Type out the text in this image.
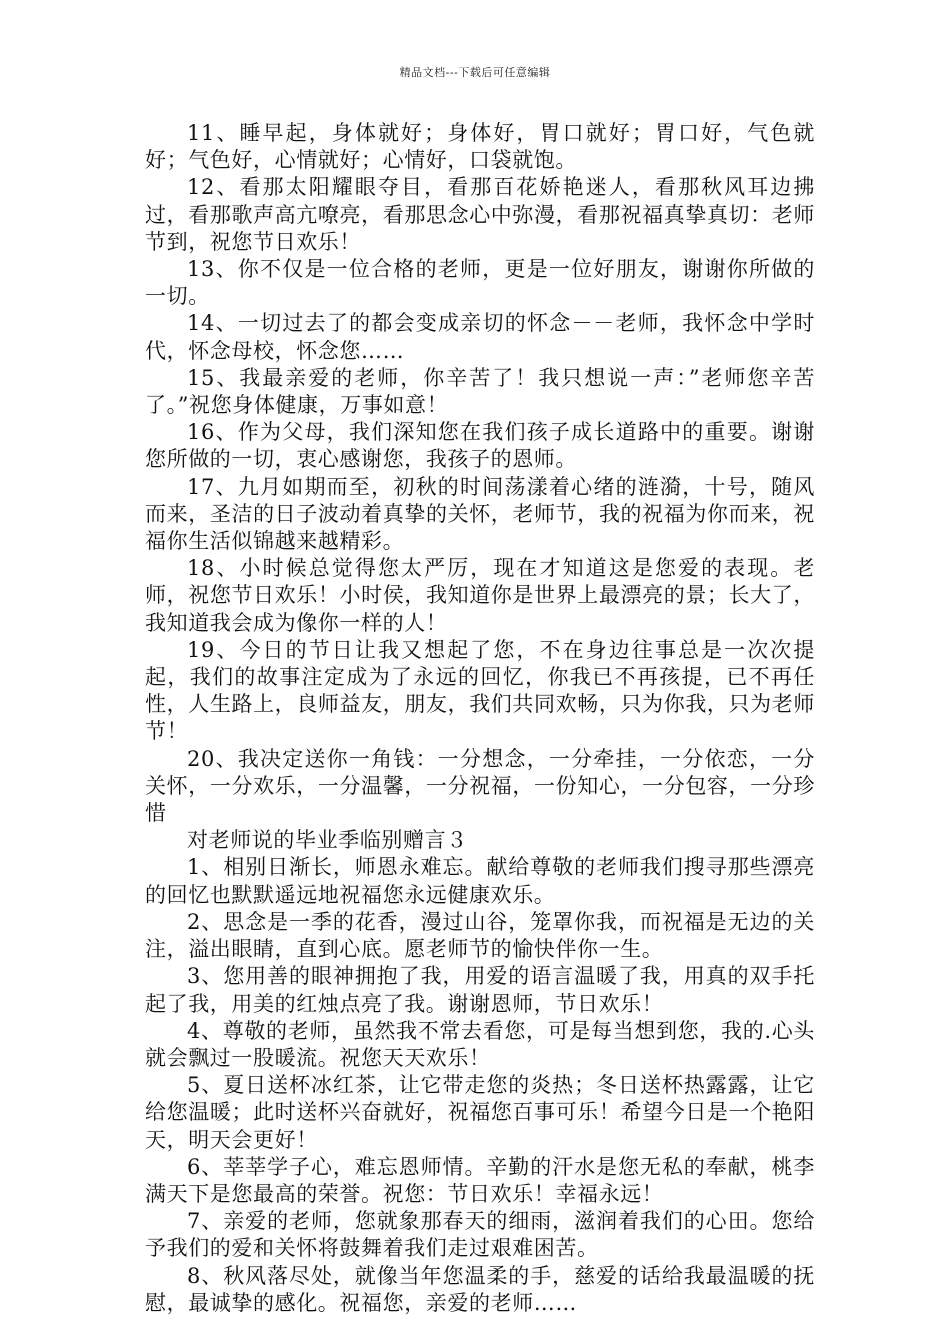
精品文档---下载后可任意编辑

11、睡早起，身体就好；身体好，胃口就好；胃口好，气色就好；气色好，心情就好；心情好，口袋就饱。

12、看那太阳耀眼夺目，看那百花娇艳迷人，看那秋风耳边拂过，看那歌声高亢嘹亮，看那思念心中弥漫，看那祝福真挚真切：老师节到，祝您节日欢乐！

13、你不仅是一位合格的老师，更是一位好朋友，谢谢你所做的一切。

14、一切过去了的都会变成亲切的怀念－－老师，我怀念中学时代，怀念母校，怀念您……

15、我最亲爱的老师，你辛苦了！我只想说一声：”老师您辛苦了。”祝您身体健康，万事如意！

16、作为父母，我们深知您在我们孩子成长道路中的重要。谢谢您所做的一切，衷心感谢您，我孩子的恩师。

17、九月如期而至，初秋的时间荡漾着心绪的涟漪，十号，随风而来，圣洁的日子波动着真挚的关怀，老师节，我的祝福为你而来，祝福你生活似锦越来越精彩。

18、小时候总觉得您太严厉，现在才知道这是您爱的表现。老师，祝您节日欢乐！小时侯，我知道你是世界上最漂亮的景；长大了，我知道我会成为像你一样的人！

19、今日的节日让我又想起了您，不在身边往事总是一次次提起，我们的故事注定成为了永远的回忆，你我已不再孩提，已不再任性，人生路上，良师益友，朋友，我们共同欢畅，只为你我，只为老师节！

20、我决定送你一角钱：一分想念，一分牵挂，一分依恋，一分关怀，一分欢乐，一分温馨，一分祝福，一份知心，一分包容，一分珍惜

对老师说的毕业季临别赠言３

1、相别日渐长，师恩永难忘。献给尊敬的老师我们搜寻那些漂亮的回忆也默默遥远地祝福您永远健康欢乐。

2、思念是一季的花香，漫过山谷，笼罩你我，而祝福是无边的关注，溢出眼睛，直到心底。愿老师节的愉快伴你一生。

3、您用善的眼神拥抱了我，用爱的语言温暖了我，用真的双手托起了我，用美的红烛点亮了我。谢谢恩师，节日欢乐！

4、尊敬的老师，虽然我不常去看您，可是每当想到您，我的.心头就会飘过一股暖流。祝您天天欢乐！

5、夏日送杯冰红茶，让它带走您的炎热；冬日送杯热露露，让它给您温暖；此时送杯兴奋就好，祝福您百事可乐！希望今日是一个艳阳天，明天会更好！

6、莘莘学子心，难忘恩师情。辛勤的汗水是您无私的奉献，桃李满天下是您最高的荣誉。祝您：节日欢乐！幸福永远！

7、亲爱的老师，您就象那春天的细雨，滋润着我们的心田。您给予我们的爱和关怀将鼓舞着我们走过艰难困苦。

8、秋风落尽处，就像当年您温柔的手，慈爱的话给我最温暖的抚慰，最诚挚的感化。祝福您，亲爱的老师……
